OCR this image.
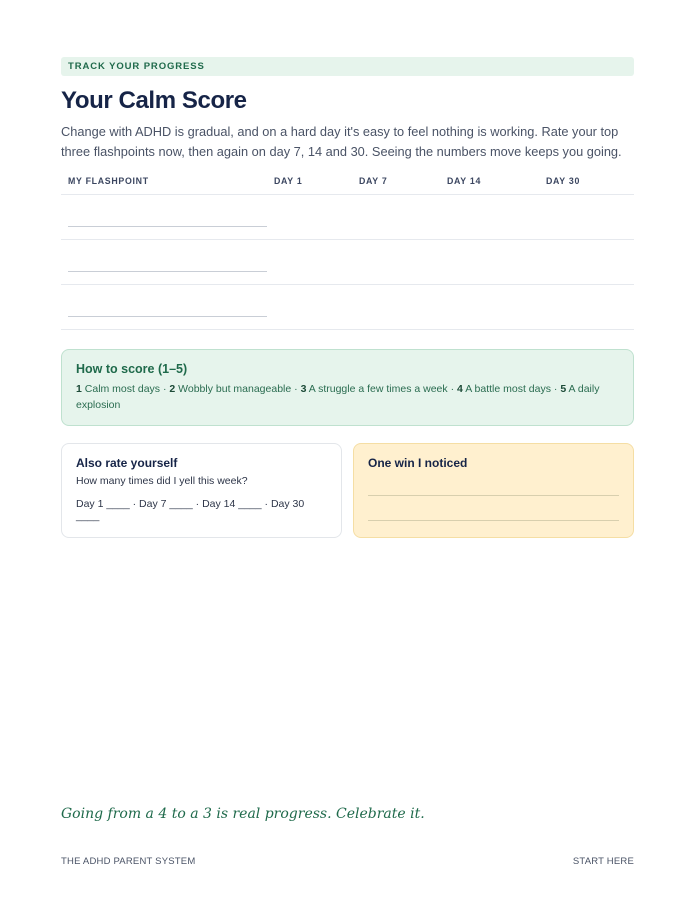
TRACK YOUR PROGRESS
Your Calm Score
Change with ADHD is gradual, and on a hard day it's easy to feel nothing is working. Rate your top three flashpoints now, then again on day 7, 14 and 30. Seeing the numbers move keeps you going.
MY FLASHPOINT	DAY 1	DAY 7	DAY 14	DAY 30

How to score (1–5)
1 Calm most days · 2 Wobbly but manageable · 3 A struggle a few times a week · 4 A battle most days · 5 A daily explosion
Also rate yourself
How many times did I yell this week?
Day 1 ____ · Day 7 ____ · Day 14 ____ · Day 30 ____
One win I noticed
Going from a 4 to a 3 is real progress. Celebrate it.
THE ADHD PARENT SYSTEM	START HERE
